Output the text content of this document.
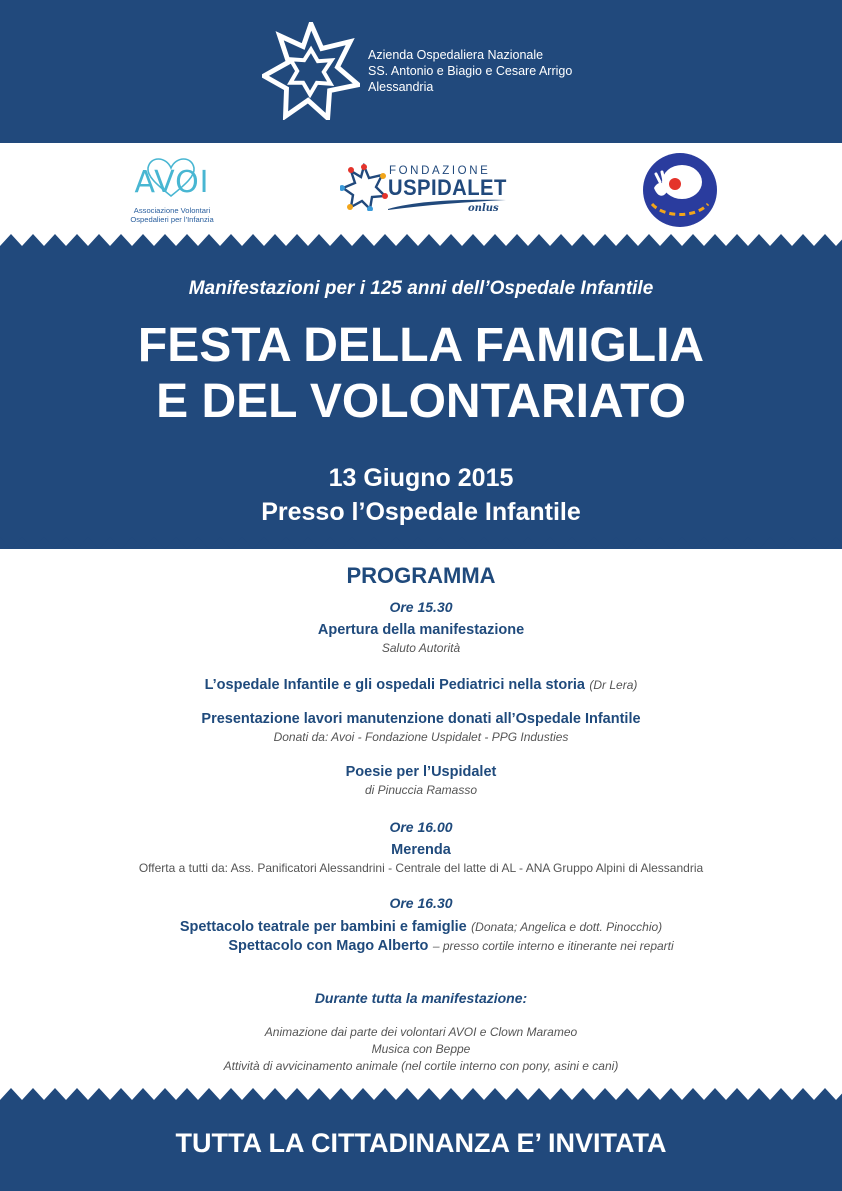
Azienda Ospedaliera Nazionale
SS. Antonio e Biagio e Cesare Arrigo
Alessandria
AVOI
Associazione Volontari
Ospedalieri per l'Infanzia
FONDAZIONE
USPIDALET
onlus
Manifestazioni per i 125 anni dell’Ospedale Infantile
FESTA DELLA FAMIGLIA
E DEL VOLONTARIATO
13 Giugno 2015
Presso l’Ospedale Infantile
PROGRAMMA
Ore 15.30
Apertura della manifestazione
Saluto Autorità
L’ospedale Infantile e gli ospedali Pediatrici nella storia (Dr Lera)
Presentazione lavori manutenzione donati all’Ospedale Infantile
Donati da: Avoi - Fondazione Uspidalet - PPG Industies
Poesie per l’Uspidalet
di Pinuccia Ramasso
Ore 16.00
Merenda
Offerta a tutti da: Ass. Panificatori Alessandrini - Centrale del latte di AL - ANA Gruppo Alpini di Alessandria
Ore 16.30
Spettacolo teatrale per bambini e famiglie (Donata; Angelica e dott. Pinocchio)
Spettacolo con Mago Alberto – presso cortile interno e itinerante nei reparti
Durante tutta la manifestazione:
Animazione dai parte dei volontari AVOI e Clown Marameo
Musica con Beppe
Attività di avvicinamento animale (nel cortile interno con pony, asini e cani)
TUTTA LA CITTADINANZA E’ INVITATA
